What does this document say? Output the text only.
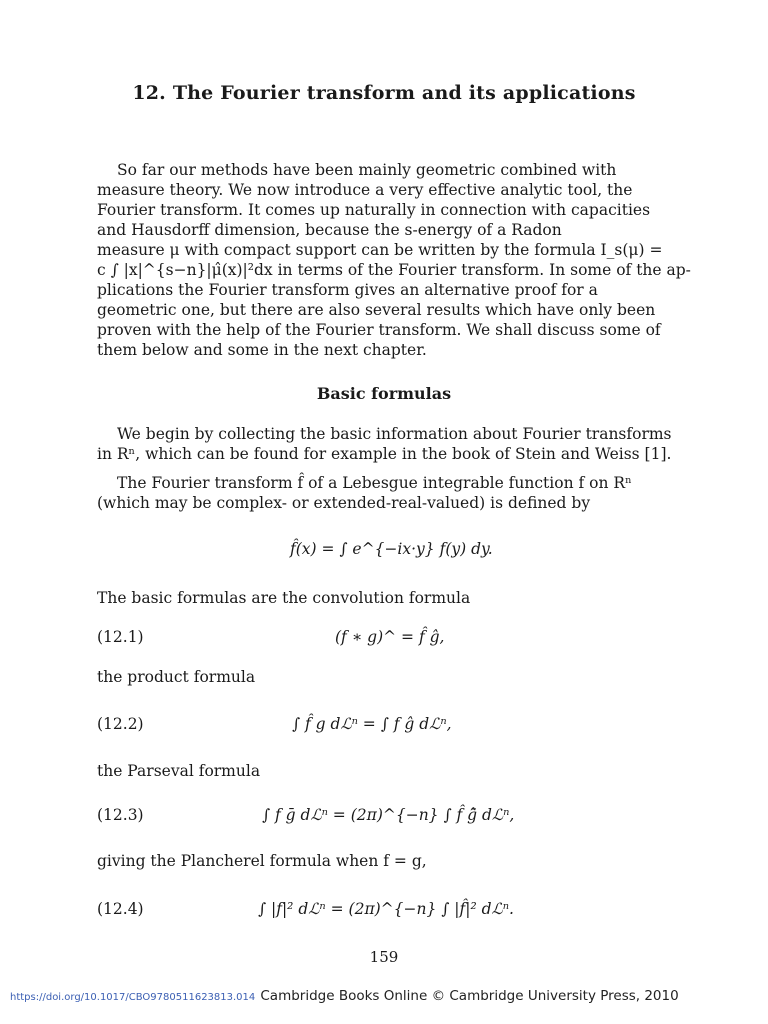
12. The Fourier transform and its applications
So far our methods have been mainly geometric combined with
measure theory. We now introduce a very effective analytic tool, the
Fourier transform. It comes up naturally in connection with capacities
and Hausdorff dimension, because the s-energy of a Radon
measure μ with compact support can be written by the formula I_s(μ) =
c ∫ |x|^{s−n}|μ̂(x)|²dx in terms of the Fourier transform. In some of the ap-
plications the Fourier transform gives an alternative proof for a
geometric one, but there are also several results which have only been
proven with the help of the Fourier transform. We shall discuss some of
them below and some in the next chapter.
Basic formulas
We begin by collecting the basic information about Fourier transforms
in Rⁿ, which can be found for example in the book of Stein and Weiss [1].
The Fourier transform f̂ of a Lebesgue integrable function f on Rⁿ
(which may be complex- or extended-real-valued) is defined by
f̂(x) = ∫ e^{−ix·y} f(y) dy.
The basic formulas are the convolution formula
(12.1)	(f ∗ g)^ = f̂ ĝ,
the product formula
(12.2)	∫ f̂ g dℒⁿ = ∫ f ĝ dℒⁿ,
the Parseval formula
(12.3)	∫ f ḡ dℒⁿ = (2π)^{−n} ∫ f̂ ĝ̄ dℒⁿ,
giving the Plancherel formula when f = g,
(12.4)	∫ |f|² dℒⁿ = (2π)^{−n} ∫ |f̂|² dℒⁿ.
159
https://doi.org/10.1017/CBO9780511623813.014 Cambridge Books Online © Cambridge University Press, 2010
